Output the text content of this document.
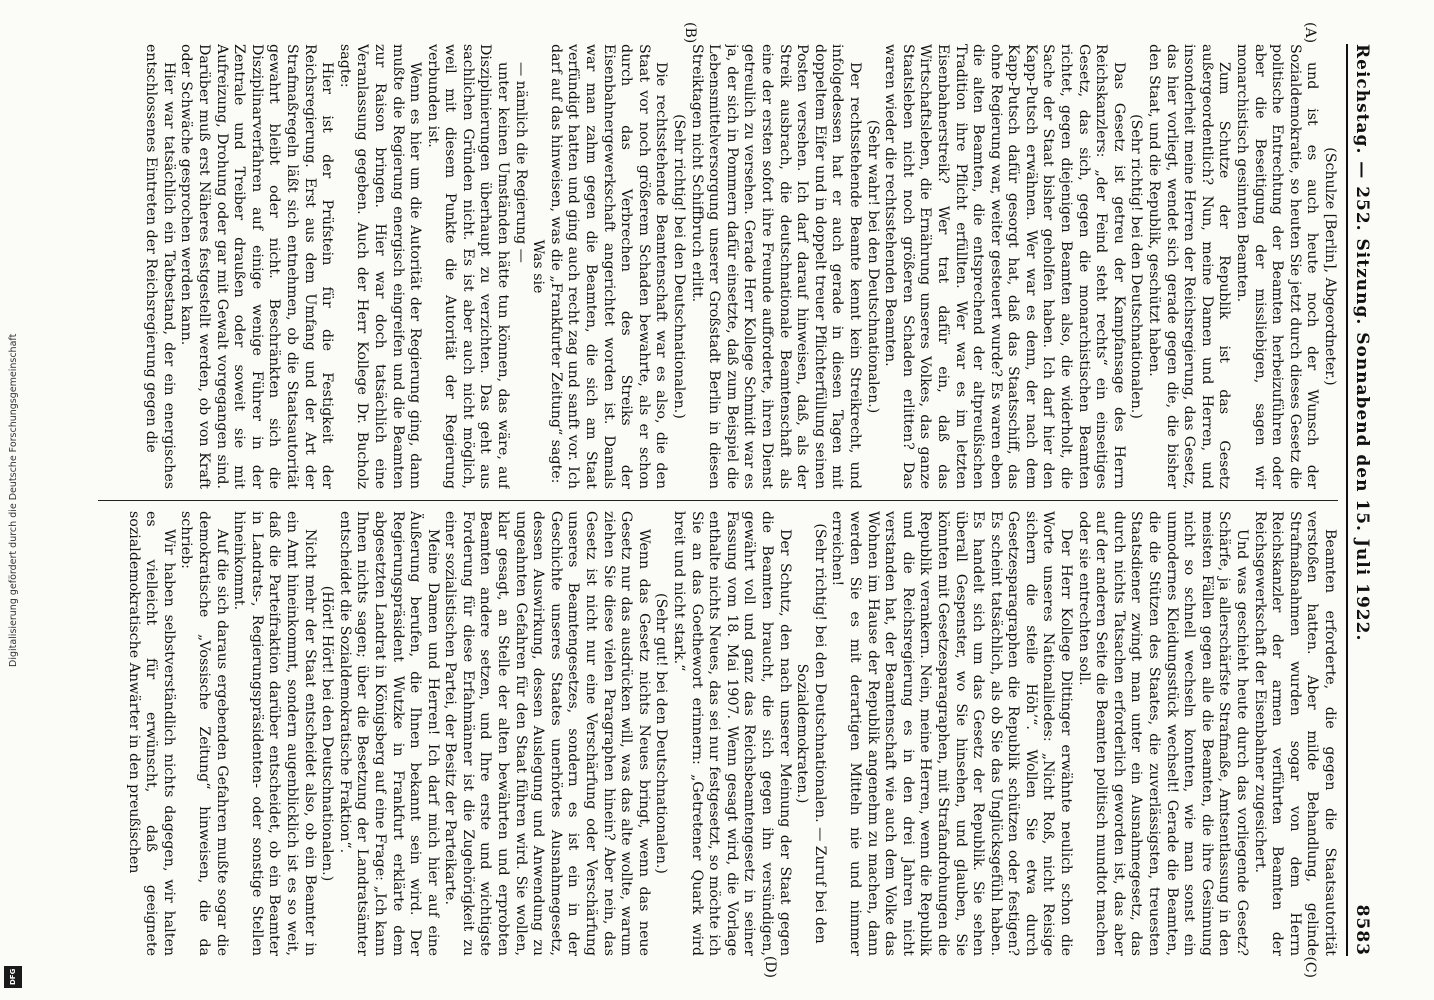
Reichstag. — 252. Sitzung. Sonnabend den 15. Juli 1922.
8583
(A)
(B)
(C)
(D)

(Schulze [Berlin], Abgeordneter.)

und ist es auch heute noch der Wunsch der Sozialdemokratie, so heuten Sie jetzt durch dieses Gesetz die politische Entrechtung der Beamten herbeizuführen oder aber die Beseitigung der missliebigen, sagen wir monarchistisch gesinnten Beamten.

Zum Schutze der Republik ist das Gesetz außergeordentlich? Nun, meine Damen und Herren, und insonderheit meine Herren der Reichsregierung, das Gesetz, das hier vorliegt, wendet sich gerade gegen die, die bisher den Staat, und die Republik, geschützt haben.

(Sehr richtig! bei den Deutschnationalen.)

Das Gesetz ist getreu der Kampfansage des Herrn Reichskanzlers: „der Feind steht rechts“ ein einseitiges Gesetz, das sich, gegen die monarchistischen Beamten richtet, gegen diejenigen Beamten also, die widerholt, die Sache der Staat bisher geholfen haben. Ich darf hier den Kapp-Putsch erwähnen. Wer war es denn, der nach dem Kapp-Putsch dafür gesorgt hat, daß das Staatsschiff, das ohne Regierung war, weiter gesteuert wurde? Es waren eben die alten Beamten, die entsprechend der altpreußischen Tradition ihre Pflicht erfüllten. Wer war es im letzten Eisenbahnerstreik? Wer trat dafür ein, daß das Wirtschaftsleben, die Ernährung unseres Volkes, das ganze Staatsleben nicht noch größeren Schaden erlitten? Das waren wieder die rechtsstehenden Beamten.

(Sehr wahr! bei den Deutschnationalen.)

Der rechtsstehende Beamte kennt kein Streikrecht, und infolgedessen hat er auch gerade in diesen Tagen mit doppeltem Eifer und in doppelt treuer Pflichterfüllung seinen Posten versehen. Ich darf darauf hinweisen, daß, als der Streik ausbrach, die deutschnationale Beamtenschaft als eine der ersten sofort ihre Freunde aufforderte, ihren Dienst getreulich zu versehen. Gerade Herr Kollege Schmidt war es ja, der sich in Pommern dafür einsetzte, daß zum Beispiel die Lebensmittelversorgung unserer Großstadt Berlin in diesen Streiktagen nicht Schiffbruch erlitt.

(Sehr richtig! bei den Deutschnationalen.)

Die rechtsstehende Beamtenschaft war es also, die den Staat vor noch größerem Schaden bewahrte, als er schon durch das Verbrechen des Streiks der Eisenbahnergewerkschaft angerichtet worden ist. Damals war man zahm gegen die Beamten, die sich am Staat verfündigt hatten und ging auch recht zag und sanft vor. Ich darf auf das hinweisen, was die „Frankfurter Zeitung“ sagte:

Was sie

— nämlich die Regierung —

unter keinen Umständen hätte tun können, das wäre, auf Disziplinierungen überhaupt zu verzichten. Das geht aus sachlichen Gründen nicht. Es ist aber auch nicht möglich, weil mit diesem Punkte die Autorität der Regierung verbunden ist.

Wenn es hier um die Autorität der Regierung ging, dann mußte die Regierung energisch eingreifen und die Beamten zur Raison bringen. Hier war doch tatsächlich eine Veranlassung gegeben. Auch der Herr Kollege Dr. Bucholz sagte:

Hier ist der Prüfstein für die Festigkeit der Reichsregierung. Erst aus dem Umfang und der Art der Strafmaßregeln läßt sich entnehmen, ob die Staatsautorität gewahrt bleibt oder nicht. Beschränkten sich die Disziplinarverfahren auf einige wenige Führer in der Zentrale und Treiber draußen oder soweit sie mit Aufreizung, Drohung oder gar mit Gewalt vorgegangen sind. Darüber muß erst Näheres festgestellt werden, ob von Kraft oder Schwäche gesprochen werden kann.

Hier war tatsächlich ein Tatbestand, der ein energisches entschlossenes Eintreten der Reichsregierung gegen die

Beamten erforderte, die gegen die Staatsautorität verstoßen hatten. Aber milde Behandlung, gelinde Strafmaßnahmen wurden sogar von dem Herrn Reichskanzler der armen verführten Beamten der Reichsgewerkschaft der Eisenbahner zugesichert.

Und was geschieht heute durch das vorliegende Gesetz? Schärfe, ja allerschärfste Strafmaße, Amtsentlassung in den meisten Fällen gegen alle die Beamten, die ihre Gesinnung nicht so schnell wechseln konnten, wie man sonst ein unmodernes Kleidungsstück wechselt! Gerade die Beamten, die die Stützen des Staates, die zuverlässigsten, treuesten Staatsdiener zwingt man unter ein Ausnahmegesetz, das durch nichts Tatsachen erforderlich geworden ist, das aber auf der anderen Seite die Beamten politisch mundtot machen oder sie entrechten soll.

Der Herr Kollege Dittinger erwähnte neulich schon die Worte unseres Nationalliedes: „Nicht Roß, nicht Reisige sichern die steile Höh’“. Wollen Sie etwa durch Gesetzesparagraphen die Republik schützen oder festigen? Es scheint tatsächlich, als ob Sie das Unglücksgefühl haben. Es handelt sich um das Gesetz der Republik. Sie sehen überall Gespenster, wo Sie hinsehen, und glauben, Sie könnten mit Gesetzesparagraphen, mit Strafandrohungen die Republik verankern. Nein, meine Herren, wenn die Republik und die Reichsregierung es in den drei Jahren nicht verstanden hat, der Beamtenschaft wie auch dem Volke das Wohnen im Hause der Republik angenehm zu machen, dann werden Sie es mit derartigen Mitteln nie und nimmer erreichen!

(Sehr richtig! bei den Deutschnationalen. — Zuruf bei den Sozialdemokraten.)

Der Schutz, den nach unserer Meinung der Staat gegen die Beamten braucht, die sich gegen ihn versündigen, gewährt voll und ganz das Reichsbeamtengesetz in seiner Fassung vom 18. Mai 1907. Wenn gesagt wird, die Vorlage enthalte nichts Neues, das sei nur festgesetzt, so möchte ich Sie an das Goethewort erinnern: „Getretener Quark wird breit und nicht stark.“

(Sehr gut! bei den Deutschnationalen.)

Wenn das Gesetz nichts Neues bringt, wenn das neue Gesetz nur das ausdrücken will, was das alte wollte, warum ziehen Sie diese vielen Paragraphen hinein? Aber nein, das Gesetz ist nicht nur eine Verschärfung oder Verschärfung unseres Beamtengesetzes, sondern es ist ein in der Geschichte unseres Staates unerhörtes Ausnahmegesetz, dessen Auswirkung, dessen Auslegung und Anwendung zu ungeahnten Gefahren für den Staat führen wird. Sie wollen, klar gesagt, an Stelle der alten bewährten und erprobten Beamten andere setzen, und Ihre erste und wichtigste Forderung für diese Erfahmänner ist die Zugehörigkeit zu einer sozialistischen Partei, der Besitz der Parteikarte.

Meine Damen und Herren! Ich darf mich hier auf eine Äußerung berufen, die Ihnen bekannt sein wird. Der Regierungspräsident Wutzke in Frankfurt erklärte dem abgesetzten Landrat in Königsberg auf eine Frage: „Ich kann Ihnen nichts sagen; über die Besetzung der Landratsämter entscheidet die Sozialdemokratische Fraktion“.

(Hört! Hört! bei den Deutschnationalen.)

Nicht mehr der Staat entscheidet also, ob ein Beamter in ein Amt hineinkommt, sondern augenblicklich ist es so weit, daß die Parteifraktion darüber entscheidet, ob ein Beamter in Landrats-, Regierungspräsidenten- oder sonstige Stellen hineinkommt.

Auf die sich daraus ergebenden Gefahren mußte sogar die demokratische „Vossische Zeitung“ hinweisen, die da schrieb:

Wir haben selbstverständlich nichts dagegen, wir halten es vielleicht für erwünscht, daß geeignete sozialdemokratische Anwärter in den preußischen

Digitalisierung gefördert durch die Deutsche Forschungsgemeinschaft
DFG
